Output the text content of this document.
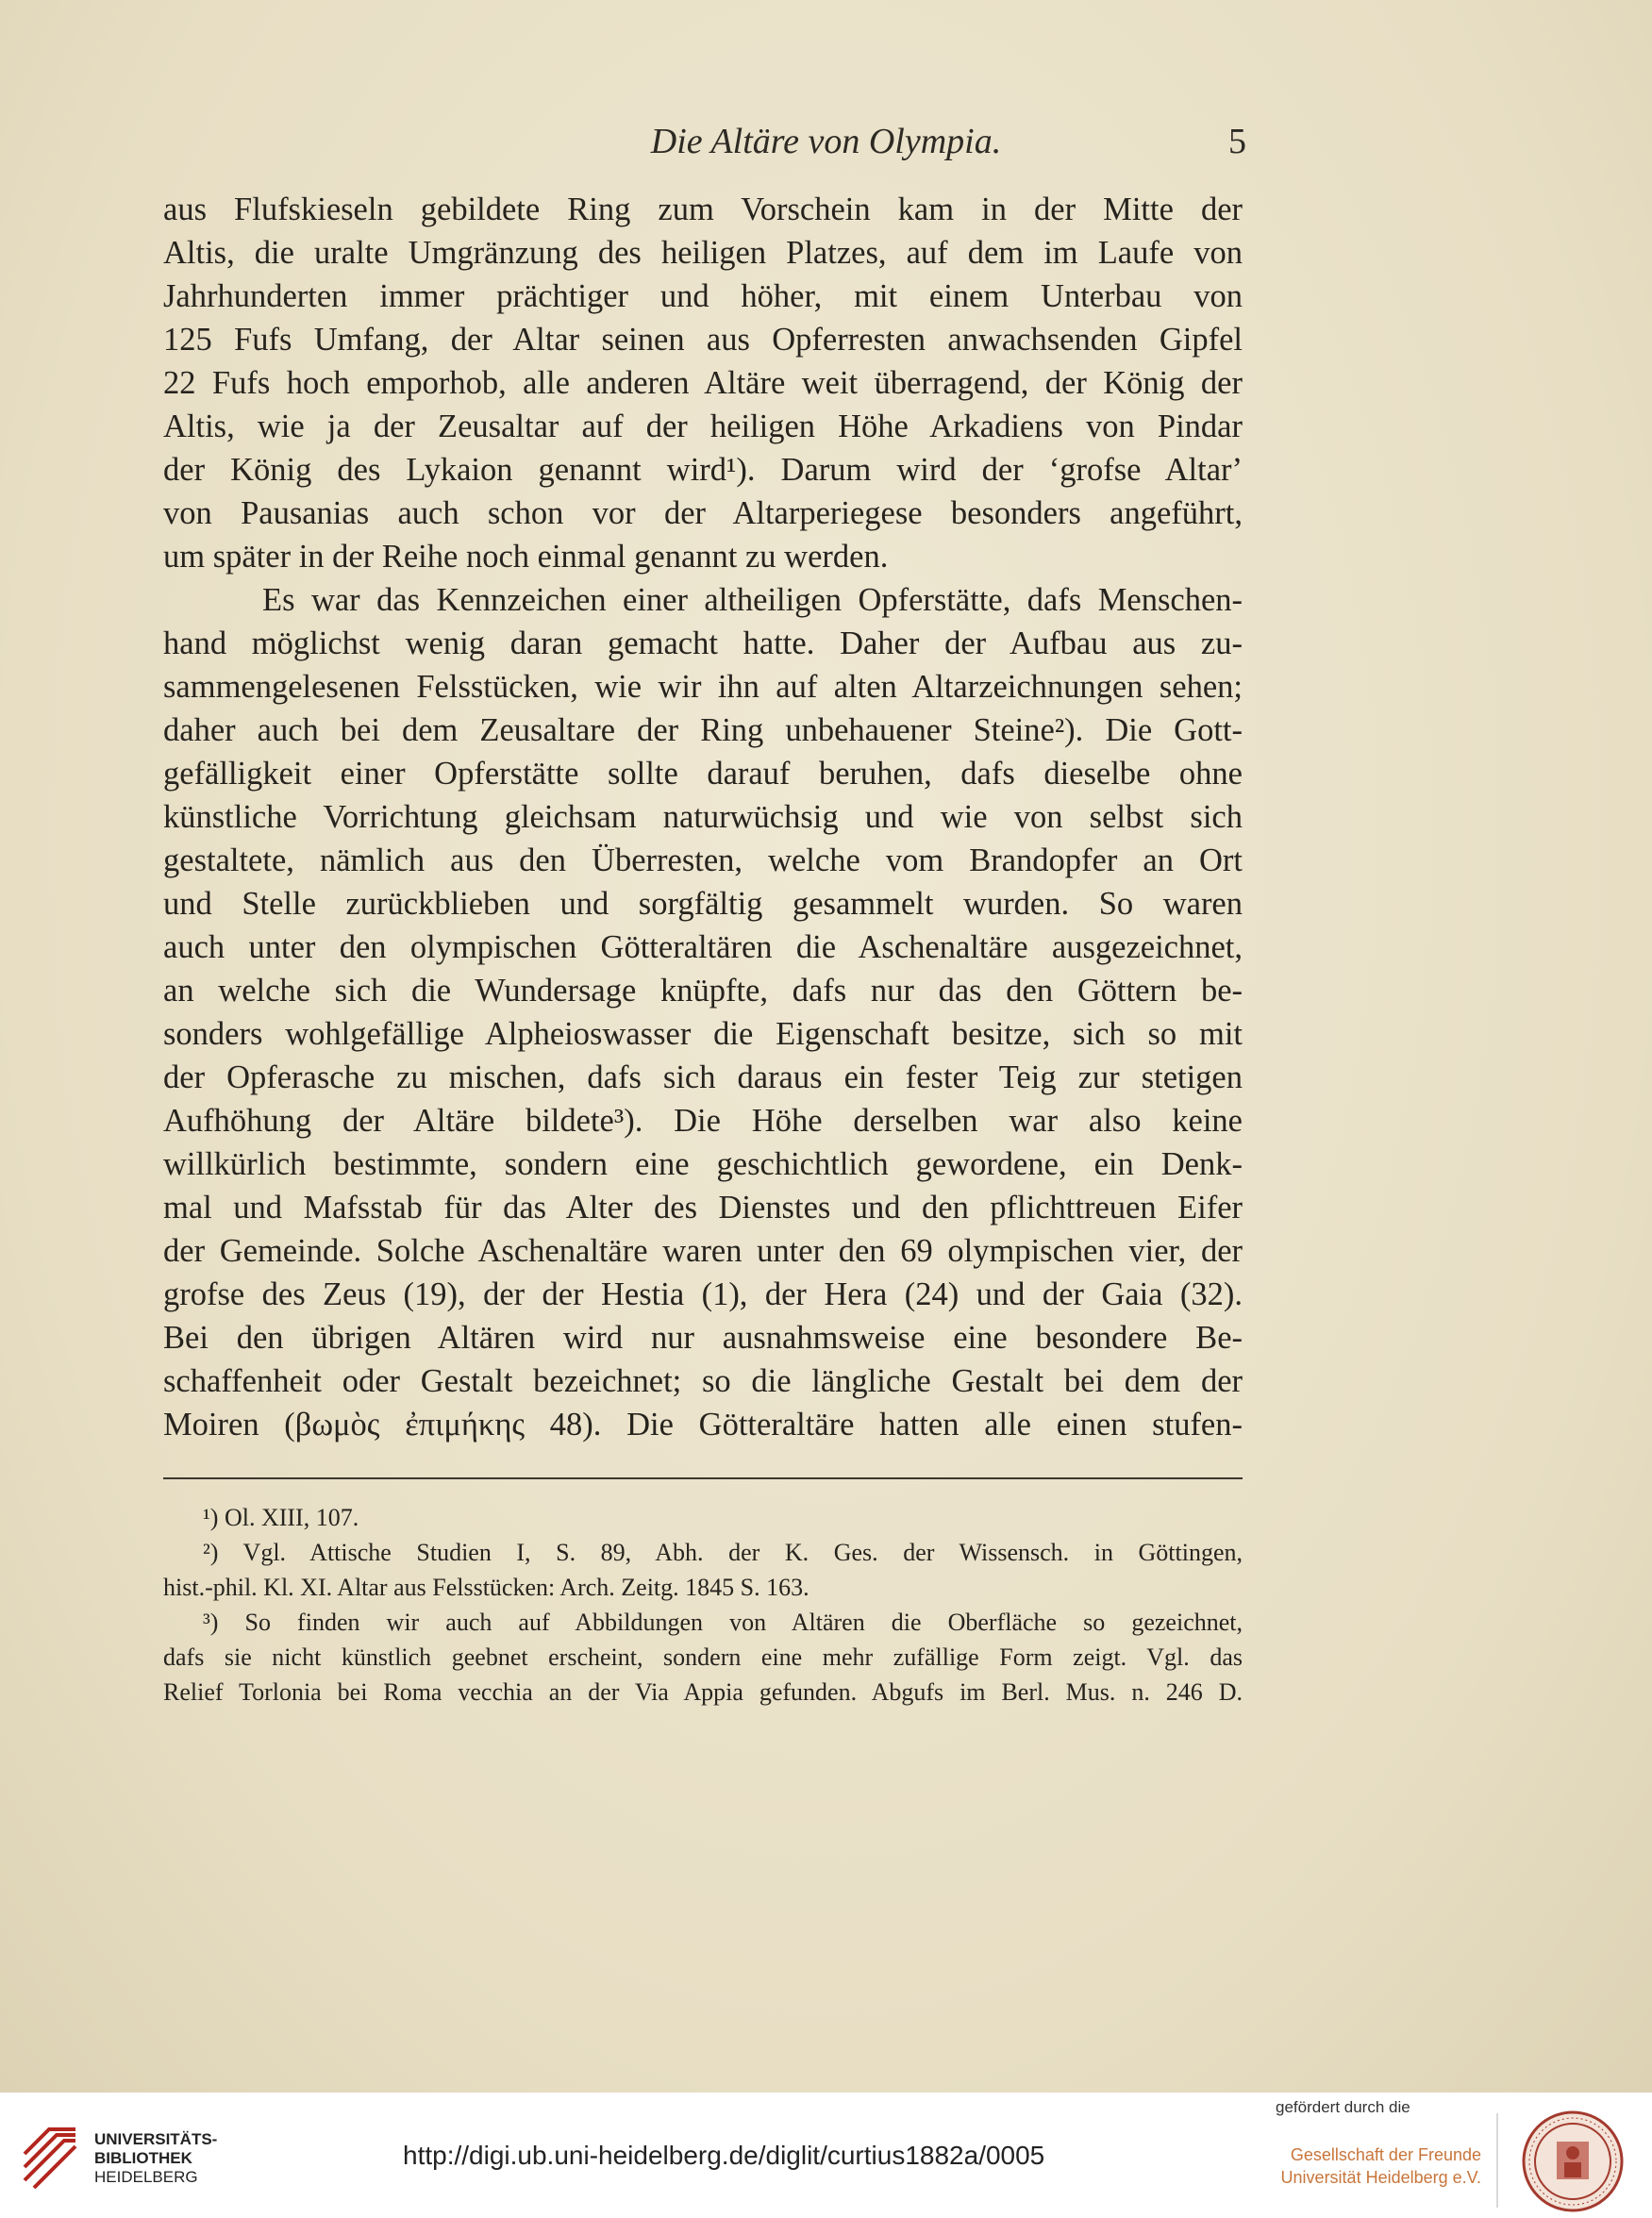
Die Altäre von Olympia.	5
aus Flufskieseln gebildete Ring zum Vorschein kam in der Mitte der
Altis, die uralte Umgränzung des heiligen Platzes, auf dem im Laufe von
Jahrhunderten immer prächtiger und höher, mit einem Unterbau von
125 Fufs Umfang, der Altar seinen aus Opferresten anwachsenden Gipfel
22 Fufs hoch emporhob, alle anderen Altäre weit überragend, der König der
Altis, wie ja der Zeusaltar auf der heiligen Höhe Arkadiens von Pindar
der König des Lykaion genannt wird¹). Darum wird der ʻgrofse Altarʼ
von Pausanias auch schon vor der Altarperiegese besonders angeführt,
um später in der Reihe noch einmal genannt zu werden.
Es war das Kennzeichen einer altheiligen Opferstätte, dafs Menschen-
hand möglichst wenig daran gemacht hatte. Daher der Aufbau aus zu-
sammengelesenen Felsstücken, wie wir ihn auf alten Altarzeichnungen sehen;
daher auch bei dem Zeusaltare der Ring unbehauener Steine²). Die Gott-
gefälligkeit einer Opferstätte sollte darauf beruhen, dafs dieselbe ohne
künstliche Vorrichtung gleichsam naturwüchsig und wie von selbst sich
gestaltete, nämlich aus den Überresten, welche vom Brandopfer an Ort
und Stelle zurückblieben und sorgfältig gesammelt wurden. So waren
auch unter den olympischen Götteraltären die Aschenaltäre ausgezeichnet,
an welche sich die Wundersage knüpfte, dafs nur das den Göttern be-
sonders wohlgefällige Alpheioswasser die Eigenschaft besitze, sich so mit
der Opferasche zu mischen, dafs sich daraus ein fester Teig zur stetigen
Aufhöhung der Altäre bildete³). Die Höhe derselben war also keine
willkürlich bestimmte, sondern eine geschichtlich gewordene, ein Denk-
mal und Mafsstab für das Alter des Dienstes und den pflichttreuen Eifer
der Gemeinde. Solche Aschenaltäre waren unter den 69 olympischen vier, der
grofse des Zeus (19), der der Hestia (1), der Hera (24) und der Gaia (32).
Bei den übrigen Altären wird nur ausnahmsweise eine besondere Be-
schaffenheit oder Gestalt bezeichnet; so die längliche Gestalt bei dem der
Moiren (βωμὸς ἐπιμήκης 48). Die Götteraltäre hatten alle einen stufen-
¹) Ol. XIII, 107.
²) Vgl. Attische Studien I, S. 89, Abh. der K. Ges. der Wissensch. in Göttingen,
hist.-phil. Kl. XI. Altar aus Felsstücken: Arch. Zeitg. 1845 S. 163.
³) So finden wir auch auf Abbildungen von Altären die Oberfläche so gezeichnet,
dafs sie nicht künstlich geebnet erscheint, sondern eine mehr zufällige Form zeigt. Vgl. das
Relief Torlonia bei Roma vecchia an der Via Appia gefunden. Abgufs im Berl. Mus. n. 246 D.
UNIVERSITÄTS-
BIBLIOTHEK
HEIDELBERG
http://digi.ub.uni-heidelberg.de/diglit/curtius1882a/0005
gefördert durch die
Gesellschaft der Freunde
Universität Heidelberg e.V.
